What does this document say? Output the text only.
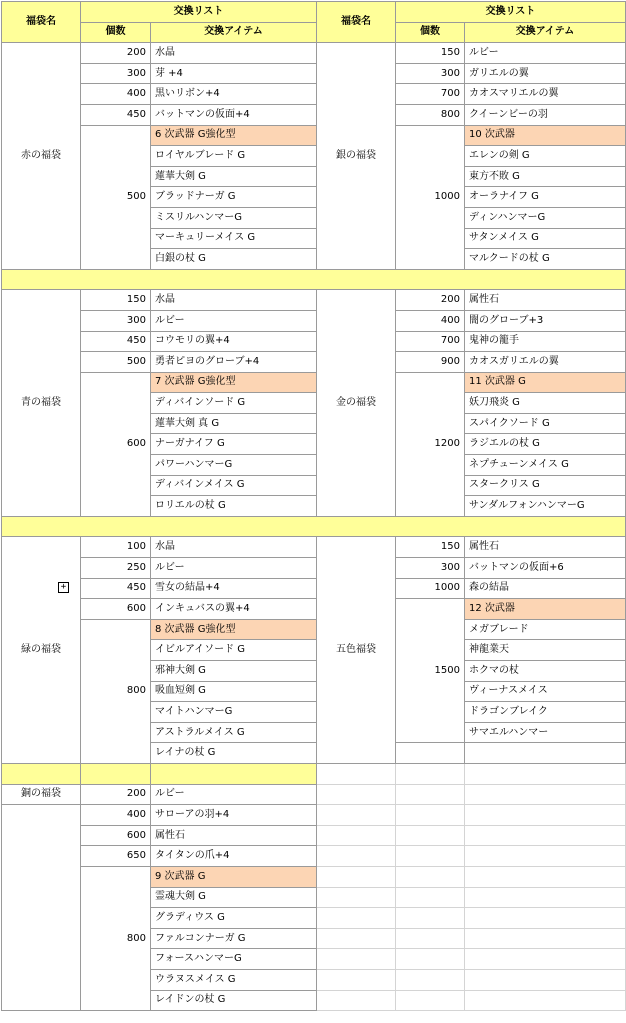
+
福袋名	交換リスト		福袋名	交換リスト	
	個数	交換アイテム		個数	交換アイテム
赤の福袋	200	水晶	銀の福袋	150	ルビー
	300	芽 +4		300	ガリエルの翼
	400	黒いリボン+4		700	カオスマリエルの翼
	450	バットマンの仮面+4		800	クイーンビーの羽
	500	6 次武器 G強化型		1000	10 次武器
		ロイヤルブレード G			エレンの剣 G
		蓮華大剣 G			東方不敗 G
		ブラッドナーガ G			オーラナイフ G
		ミスリルハンマーG			ディンハンマーG
		マーキュリーメイス G			サタンメイス G
		白銀の杖 G			マルクードの杖 G

青の福袋	150	水晶	金の福袋	200	属性石
	300	ルビー		400	闇のグローブ+3
	450	コウモリの翼+4		700	鬼神の籠手
	500	勇者ピヨのグローブ+4		900	カオスガリエルの翼
	600	7 次武器 G強化型		1200	11 次武器 G
		ディバインソード G			妖刀飛炎 G
		蓮華大剣 真 G			スパイクソード G
		ナーガナイフ G			ラジエルの杖 G
		パワーハンマーG			ネプチューンメイス G
		ディバインメイス G			スタークリス G
		ロリエルの杖 G			サンダルフォンハンマーG

緑の福袋	100	水晶	五色福袋	150	属性石
	250	ルビー		300	バットマンの仮面+6
	450	雪女の結晶+4		1000	森の結晶
	600	インキュバスの翼+4		1500	12 次武器
	800	8 次武器 G強化型			メガブレード
		イビルアイソード G			神龍業天
		邪神大剣 G			ホクマの杖
		吸血短剣 G			ヴィーナスメイス
		マイトハンマーG			ドラゴンブレイク
		アストラルメイス G			サマエルハンマー
		レイナの杖 G			

銅の福袋	200	ルビー			
	400	サローアの羽+4			
	600	属性石			
	650	タイタンの爪+4			
	800	9 次武器 G			
		霊魂大剣 G			
		グラディウス G			
		ファルコンナーガ G			
		フォースハンマーG			
		ウラヌスメイス G			
		レイドンの杖 G			
